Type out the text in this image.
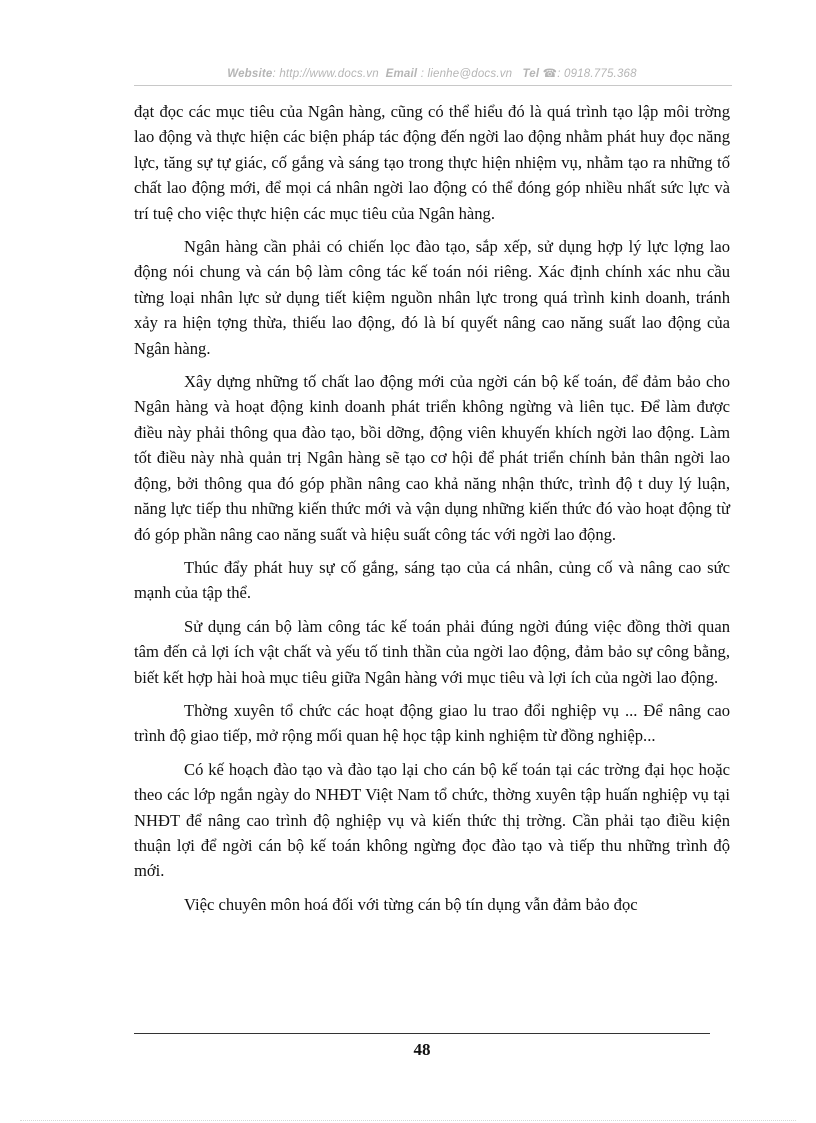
Website: http://www.docs.vn Email : lienhe@docs.vn Tel ☎: 0918.775.368

đạt đọc các mục tiêu của Ngân hàng, cũng có thể hiểu đó là quá trình tạo lập môi trờng lao động và thực hiện các biện pháp tác động đến ngời lao động nhằm phát huy đọc năng lực, tăng sự tự giác, cố gắng và sáng tạo trong thực hiện nhiệm vụ, nhằm tạo ra những tố chất lao động mới, để mọi cá nhân ngời lao động có thể đóng góp nhiều nhất sức lực và trí tuệ cho việc thực hiện các mục tiêu của Ngân hàng.

Ngân hàng cần phải có chiến lọc đào tạo, sắp xếp, sử dụng hợp lý lực lợng lao động nói chung và cán bộ làm công tác kế toán nói riêng. Xác định chính xác nhu cầu từng loại nhân lực sử dụng tiết kiệm nguồn nhân lực trong quá trình kinh doanh, tránh xảy ra hiện tợng thừa, thiếu lao động, đó là bí quyết nâng cao năng suất lao động của Ngân hàng.

Xây dựng những tố chất lao động mới của ngời cán bộ kế toán, để đảm bảo cho Ngân hàng và hoạt động kinh doanh phát triển không ngừng và liên tục. Để làm được điều này phải thông qua đào tạo, bồi dỡng, động viên khuyến khích ngời lao động. Làm tốt điều này nhà quản trị Ngân hàng sẽ tạo cơ hội để phát triển chính bản thân ngời lao động, bởi thông qua đó góp phần nâng cao khả năng nhận thức, trình độ t duy lý luận, năng lực tiếp thu những kiến thức mới và vận dụng những kiến thức đó vào hoạt động từ đó góp phần nâng cao năng suất và hiệu suất công tác với ngời lao động.

Thúc đẩy phát huy sự cố gắng, sáng tạo của cá nhân, củng cố và nâng cao sức mạnh của tập thể.

Sử dụng cán bộ làm công tác kế toán phải đúng ngời đúng việc đồng thời quan tâm đến cả lợi ích vật chất và yếu tố tinh thần của ngời lao động, đảm bảo sự công bằng, biết kết hợp hài hoà mục tiêu giữa Ngân hàng với mục tiêu và lợi ích của ngời lao động.

Thờng xuyên tổ chức các hoạt động giao lu trao đổi nghiệp vụ ... Để nâng cao trình độ giao tiếp, mở rộng mối quan hệ học tập kinh nghiệm từ đồng nghiệp...

Có kế hoạch đào tạo và đào tạo lại cho cán bộ kế toán tại các trờng đại học hoặc theo các lớp ngắn ngày do NHĐT Việt Nam tổ chức, thờng xuyên tập huấn nghiệp vụ tại NHĐT để nâng cao trình độ nghiệp vụ và kiến thức thị trờng. Cần phải tạo điều kiện thuận lợi để ngời cán bộ kế toán không ngừng đọc đào tạo và tiếp thu những trình độ mới.

Việc chuyên môn hoá đối với từng cán bộ tín dụng vẫn đảm bảo đọc

48
